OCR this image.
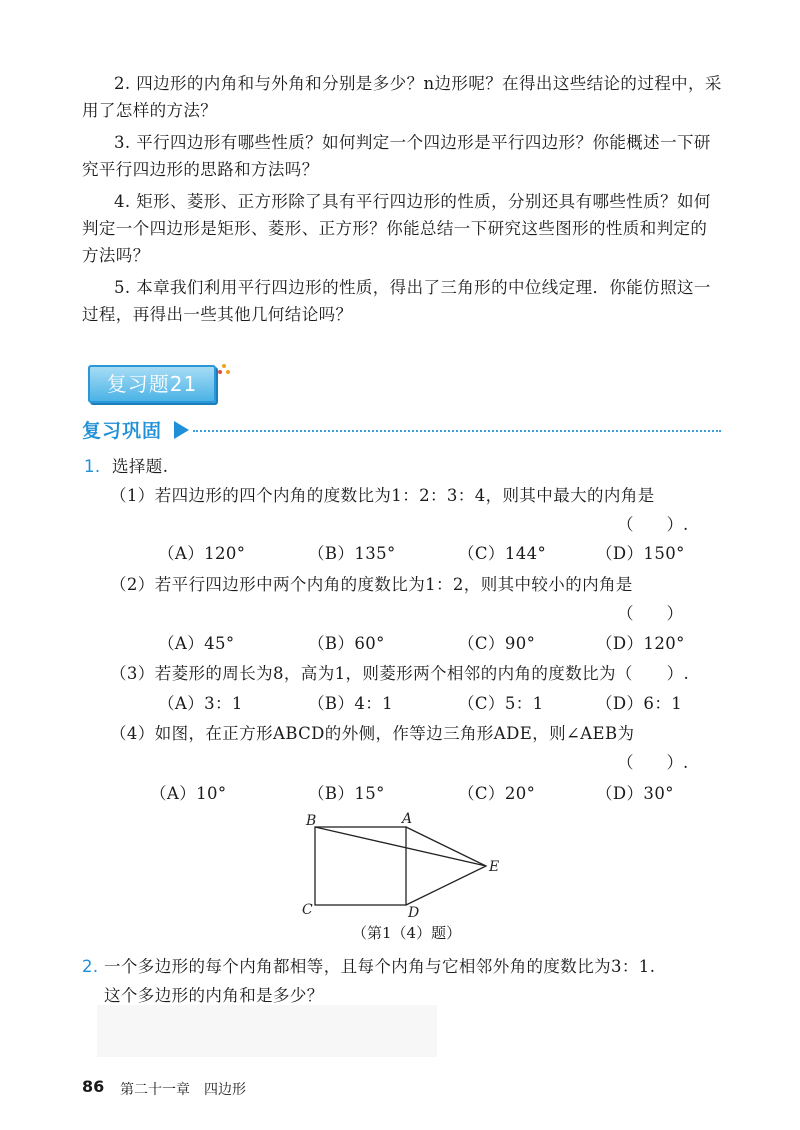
2. 四边形的内角和与外角和分别是多少？n边形呢？在得出这些结论的过程中，采用了怎样的方法？

3. 平行四边形有哪些性质？如何判定一个四边形是平行四边形？你能概述一下研究平行四边形的思路和方法吗？

4. 矩形、菱形、正方形除了具有平行四边形的性质，分别还具有哪些性质？如何判定一个四边形是矩形、菱形、正方形？你能总结一下研究这些图形的性质和判定的方法吗？

5. 本章我们利用平行四边形的性质，得出了三角形的中位线定理．你能仿照这一过程，再得出一些其他几何结论吗？

复习题21
复习巩固
1. 选择题.
（1）若四边形的四个内角的度数比为1：2：3：4，则其中最大的内角是
（　　）.
（A）120°	（B）135°	（C）144°	（D）150°
（2）若平行四边形中两个内角的度数比为1：2，则其中较小的内角是
（　　）
（A）45°	（B）60°	（C）90°	（D）120°
（3）若菱形的周长为8，高为1，则菱形两个相邻的内角的度数比为（　　）.
（A）3：1	（B）4：1	（C）5：1	（D）6：1
（4）如图，在正方形ABCD的外侧，作等边三角形ADE，则∠AEB为
（　　）.
（A）10°	（B）15°	（C）20°	（D）30°
B	A
E
C	D
（第1（4）题）
2. 一个多边形的每个内角都相等，且每个内角与它相邻外角的度数比为3：1.
这个多边形的内角和是多少？
86 第二十一章　四边形
